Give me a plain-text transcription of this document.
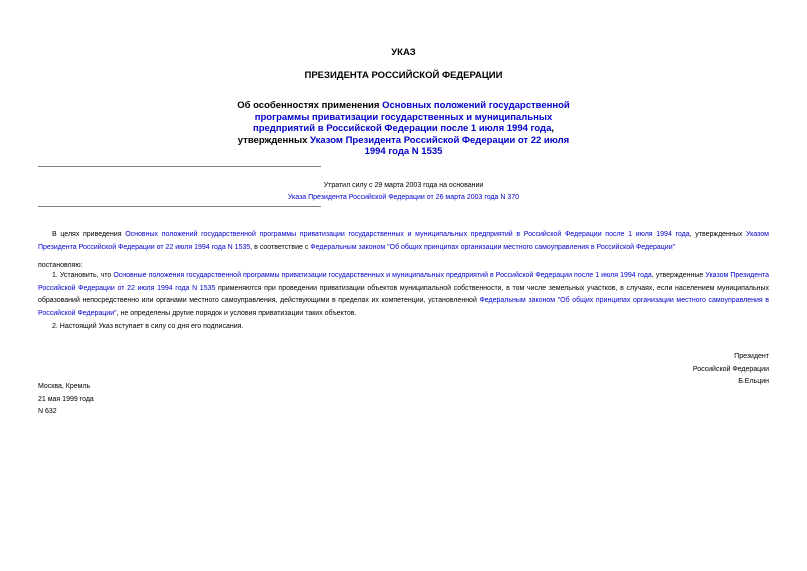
УКАЗ
ПРЕЗИДЕНТА РОССИЙСКОЙ ФЕДЕРАЦИИ
Об особенностях применения Основных положений государственной программы приватизации государственных и муниципальных предприятий в Российской Федерации после 1 июля 1994 года, утвержденных Указом Президента Российской Федерации от 22 июля 1994 года N 1535
Утратил силу с 29 марта 2003 года на основании
Указа Президента Российской Федерации от 26 марта 2003 года N 370
В целях приведения Основных положений государственной программы приватизации государственных и муниципальных предприятий в Российской Федерации после 1 июля 1994 года, утвержденных Указом Президента Российской Федерации от 22 июля 1994 года N 1535, в соответствие с Федеральным законом "Об общих принципах организации местного самоуправления в Российской Федерации"
постановляю:
1. Установить, что Основные положения государственной программы приватизации государственных и муниципальных предприятий в Российской Федерации после 1 июля 1994 года, утвержденные Указом Президента Российской Федерации от 22 июля 1994 года N 1535 применяются при проведении приватизации объектов муниципальной собственности, в том числе земельных участков, в случаях, если населением муниципальных образований непосредственно или органами местного самоуправления, действующими в пределах их компетенции, установленной Федеральным законом "Об общих принципах организации местного самоуправления в Российской Федерации", не определены другие порядок и условия приватизации таких объектов.
2. Настоящий Указ вступает в силу со дня его подписания.
Президент
Российской Федерации
Б.Ельцин
Москва, Кремль
21 мая 1999 года
N 632
